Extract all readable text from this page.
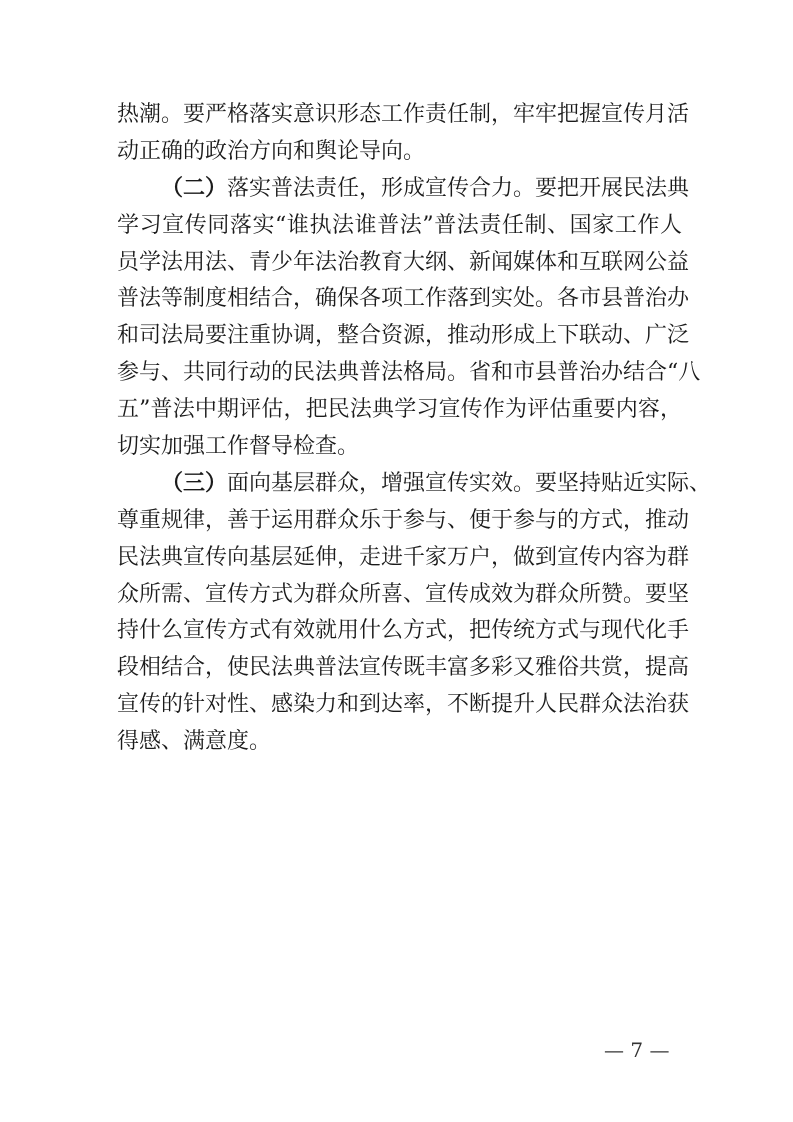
热潮。要严格落实意识形态工作责任制，牢牢把握宣传月活
动正确的政治方向和舆论导向。
（二）落实普法责任，形成宣传合力。要把开展民法典
学习宣传同落实“谁执法谁普法”普法责任制、国家工作人
员学法用法、青少年法治教育大纲、新闻媒体和互联网公益
普法等制度相结合，确保各项工作落到实处。各市县普治办
和司法局要注重协调，整合资源，推动形成上下联动、广泛
参与、共同行动的民法典普法格局。省和市县普治办结合“八
五”普法中期评估，把民法典学习宣传作为评估重要内容，
切实加强工作督导检查。
（三）面向基层群众，增强宣传实效。要坚持贴近实际、
尊重规律，善于运用群众乐于参与、便于参与的方式，推动
民法典宣传向基层延伸，走进千家万户，做到宣传内容为群
众所需、宣传方式为群众所喜、宣传成效为群众所赞。要坚
持什么宣传方式有效就用什么方式，把传统方式与现代化手
段相结合，使民法典普法宣传既丰富多彩又雅俗共赏，提高
宣传的针对性、感染力和到达率，不断提升人民群众法治获
得感、满意度。
— 7 —
